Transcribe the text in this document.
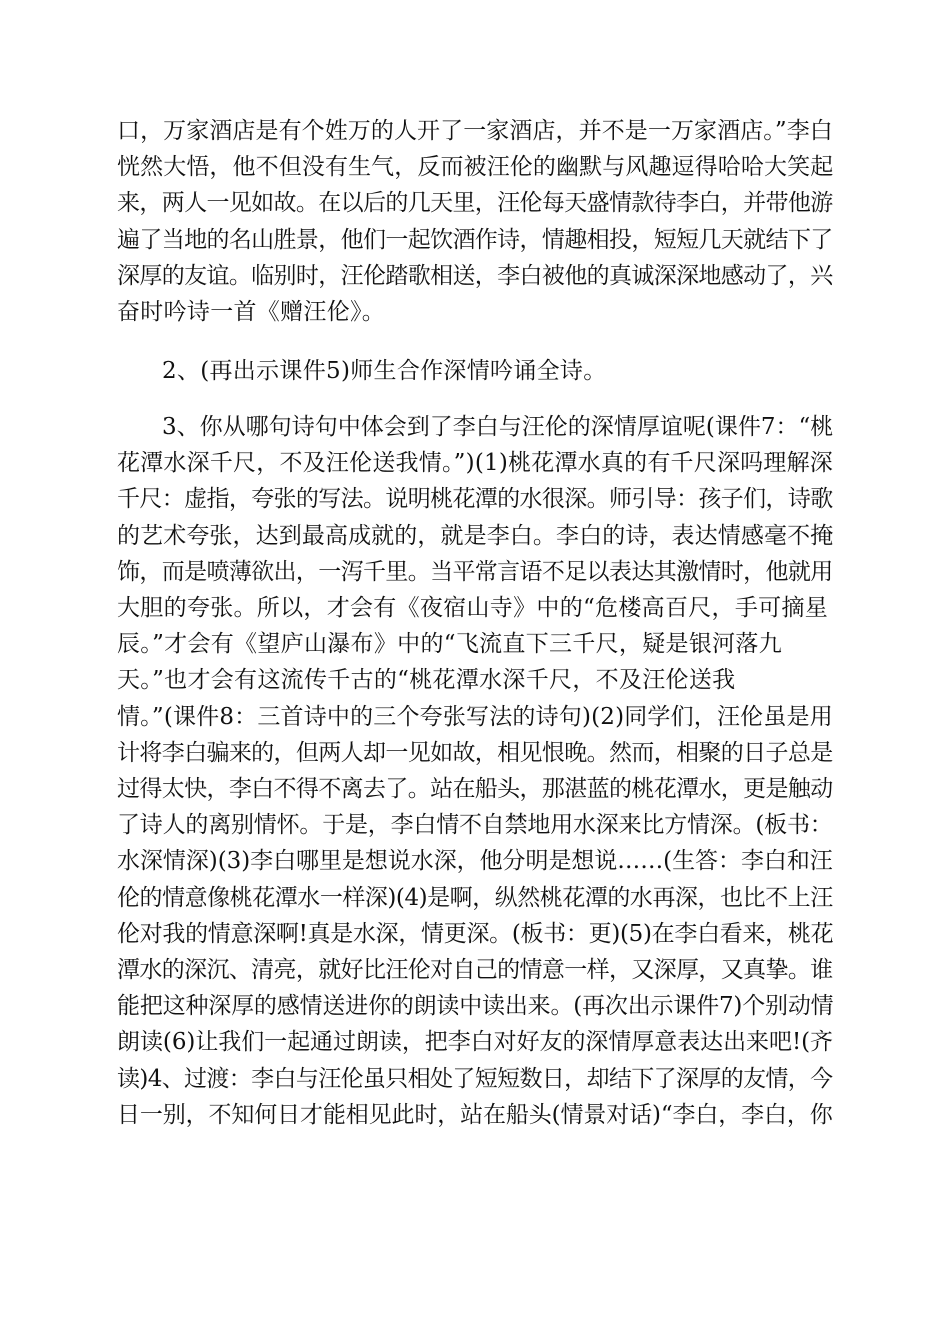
口，万家酒店是有个姓万的人开了一家酒店，并不是一万家酒店。”李白
恍然大悟，他不但没有生气，反而被汪伦的幽默与风趣逗得哈哈大笑起
来，两人一见如故。在以后的几天里，汪伦每天盛情款待李白，并带他游
遍了当地的名山胜景，他们一起饮酒作诗，情趣相投，短短几天就结下了
深厚的友谊。临别时，汪伦踏歌相送，李白被他的真诚深深地感动了，兴
奋时吟诗一首《赠汪伦》。
2、(再出示课件5)师生合作深情吟诵全诗。
3、你从哪句诗句中体会到了李白与汪伦的深情厚谊呢(课件7：“桃
花潭水深千尺，不及汪伦送我情。”)(1)桃花潭水真的有千尺深吗理解深
千尺：虚指，夸张的写法。说明桃花潭的水很深。师引导：孩子们，诗歌
的艺术夸张，达到最高成就的，就是李白。李白的诗，表达情感毫不掩
饰，而是喷薄欲出，一泻千里。当平常言语不足以表达其激情时，他就用
大胆的夸张。所以，才会有《夜宿山寺》中的“危楼高百尺，手可摘星
辰。”才会有《望庐山瀑布》中的“飞流直下三千尺，疑是银河落九
天。”也才会有这流传千古的“桃花潭水深千尺，不及汪伦送我
情。”(课件8：三首诗中的三个夸张写法的诗句)(2)同学们，汪伦虽是用
计将李白骗来的，但两人却一见如故，相见恨晚。然而，相聚的日子总是
过得太快，李白不得不离去了。站在船头，那湛蓝的桃花潭水，更是触动
了诗人的离别情怀。于是，李白情不自禁地用水深来比方情深。(板书：
水深情深)(3)李白哪里是想说水深，他分明是想说……(生答：李白和汪
伦的情意像桃花潭水一样深)(4)是啊，纵然桃花潭的水再深，也比不上汪
伦对我的情意深啊!真是水深，情更深。(板书：更)(5)在李白看来，桃花
潭水的深沉、清亮，就好比汪伦对自己的情意一样，又深厚，又真挚。谁
能把这种深厚的感情送进你的朗读中读出来。(再次出示课件7)个别动情
朗读(6)让我们一起通过朗读，把李白对好友的深情厚意表达出来吧!(齐
读)4、过渡：李白与汪伦虽只相处了短短数日，却结下了深厚的友情，今
日一别，不知何日才能相见此时，站在船头(情景对话)“李白，李白，你
